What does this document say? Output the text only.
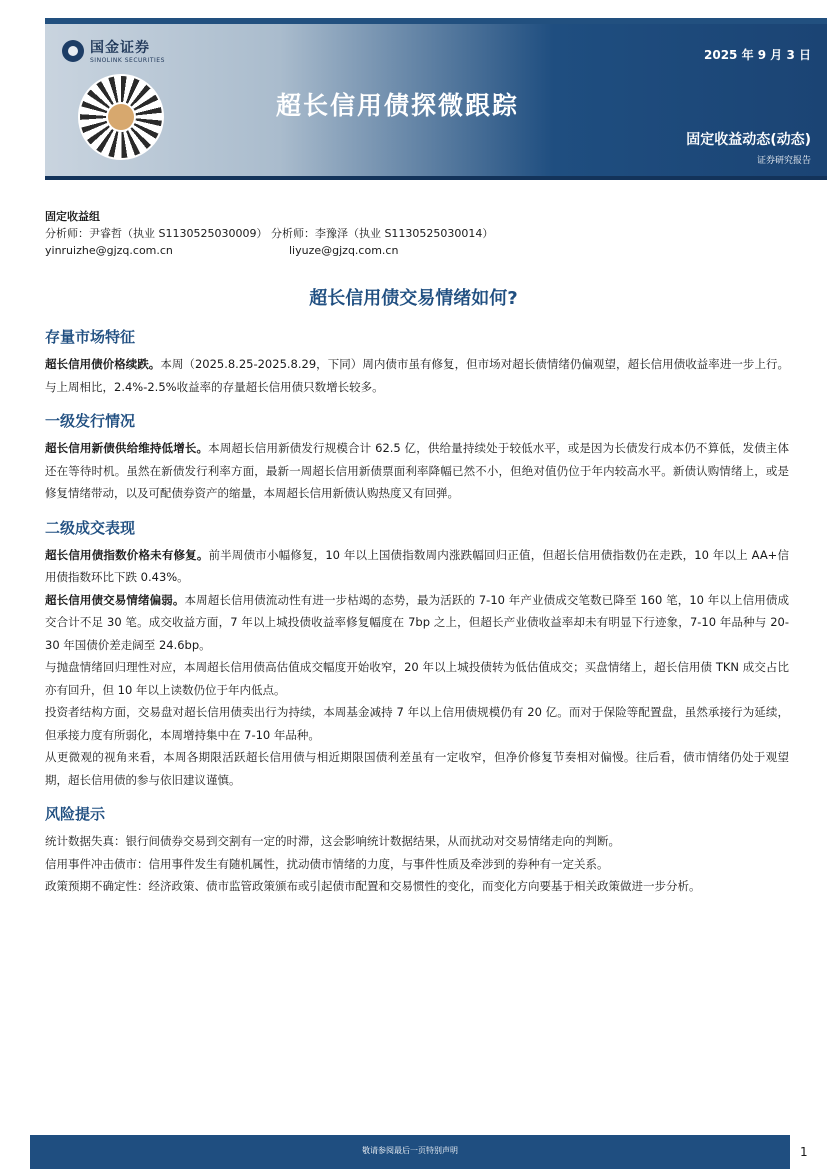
国金证券
SINOLINK SECURITIES
超长信用债探微跟踪
2025 年 9 月 3 日
固定收益动态(动态)
证券研究报告
固定收益组
分析师：尹睿哲（执业 S1130525030009） 分析师：李豫泽（执业 S1130525030014）
yinruizhe@gjzq.com.cn	liyuze@gjzq.com.cn
超长信用债交易情绪如何?
存量市场特征

超长信用债价格续跌。本周（2025.8.25-2025.8.29，下同）周内债市虽有修复，但市场对超长债情绪仍偏观望，超长信用债收益率进一步上行。与上周相比，2.4%-2.5%收益率的存量超长信用债只数增长较多。

一级发行情况

超长信用新债供给维持低增长。本周超长信用新债发行规模合计 62.5 亿，供给量持续处于较低水平，或是因为长债发行成本仍不算低，发债主体还在等待时机。虽然在新债发行利率方面，最新一周超长信用新债票面利率降幅已然不小，但绝对值仍位于年内较高水平。新债认购情绪上，或是修复情绪带动，以及可配债券资产的缩量，本周超长信用新债认购热度又有回弹。

二级成交表现

超长信用债指数价格未有修复。前半周债市小幅修复，10 年以上国债指数周内涨跌幅回归正值，但超长信用债指数仍在走跌，10 年以上 AA+信用债指数环比下跌 0.43%。

超长信用债交易情绪偏弱。本周超长信用债流动性有进一步枯竭的态势，最为活跃的 7-10 年产业债成交笔数已降至 160 笔，10 年以上信用债成交合计不足 30 笔。成交收益方面，7 年以上城投债收益率修复幅度在 7bp 之上，但超长产业债收益率却未有明显下行迹象，7-10 年品种与 20-30 年国债价差走阔至 24.6bp。

与抛盘情绪回归理性对应，本周超长信用债高估值成交幅度开始收窄，20 年以上城投债转为低估值成交；买盘情绪上，超长信用债 TKN 成交占比亦有回升，但 10 年以上读数仍位于年内低点。

投资者结构方面，交易盘对超长信用债卖出行为持续，本周基金减持 7 年以上信用债规模仍有 20 亿。而对于保险等配置盘，虽然承接行为延续，但承接力度有所弱化，本周增持集中在 7-10 年品种。

从更微观的视角来看，本周各期限活跃超长信用债与相近期限国债利差虽有一定收窄，但净价修复节奏相对偏慢。往后看，债市情绪仍处于观望期，超长信用债的参与依旧建议谨慎。

风险提示

统计数据失真：银行间债券交易到交割有一定的时滞，这会影响统计数据结果，从而扰动对交易情绪走向的判断。

信用事件冲击债市：信用事件发生有随机属性，扰动债市情绪的力度，与事件性质及牵涉到的券种有一定关系。

政策预期不确定性：经济政策、债市监管政策颁布或引起债市配置和交易惯性的变化，而变化方向要基于相关政策做进一步分析。

敬请参阅最后一页特别声明	1
